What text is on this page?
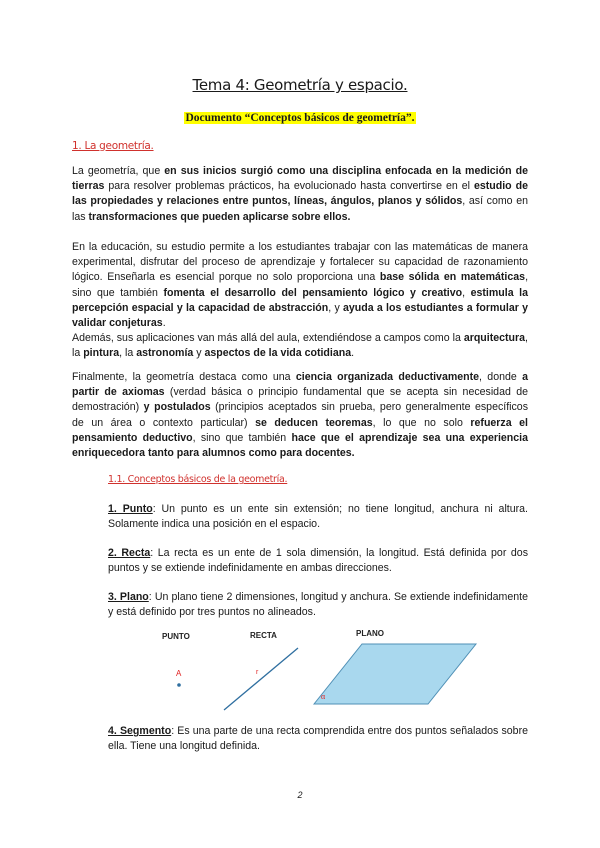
Tema 4: Geometría y espacio.
Documento “Conceptos básicos de geometría”.
1. La geometría.

La geometría, que en sus inicios surgió como una disciplina enfocada en la medición de tierras para resolver problemas prácticos, ha evolucionado hasta convertirse en el estudio de las propiedades y relaciones entre puntos, líneas, ángulos, planos y sólidos, así como en las transformaciones que pueden aplicarse sobre ellos.

En la educación, su estudio permite a los estudiantes trabajar con las matemáticas de manera experimental, disfrutar del proceso de aprendizaje y fortalecer su capacidad de razonamiento lógico. Enseñarla es esencial porque no solo proporciona una base sólida en matemáticas, sino que también fomenta el desarrollo del pensamiento lógico y creativo, estimula la percepción espacial y la capacidad de abstracción, y ayuda a los estudiantes a formular y validar conjeturas.
Además, sus aplicaciones van más allá del aula, extendiéndose a campos como la arquitectura, la pintura, la astronomía y aspectos de la vida cotidiana.

Finalmente, la geometría destaca como una ciencia organizada deductivamente, donde a partir de axiomas (verdad básica o principio fundamental que se acepta sin necesidad de demostración) y postulados (principios aceptados sin prueba, pero generalmente específicos de un área o contexto particular) se deducen teoremas, lo que no solo refuerza el pensamiento deductivo, sino que también hace que el aprendizaje sea una experiencia enriquecedora tanto para alumnos como para docentes.

1.1. Conceptos básicos de la geometría.

1. Punto: Un punto es un ente sin extensión; no tiene longitud, anchura ni altura. Solamente indica una posición en el espacio.

2. Recta: La recta es un ente de 1 sola dimensión, la longitud. Está definida por dos puntos y se extiende indefinidamente en ambas direcciones.

3. Plano: Un plano tiene 2 dimensiones, longitud y anchura. Se extiende indefinidamente y está definido por tres puntos no alineados.

PUNTO	RECTA	PLANO
A	r
α

4. Segmento: Es una parte de una recta comprendida entre dos puntos señalados sobre ella. Tiene una longitud definida.

2
